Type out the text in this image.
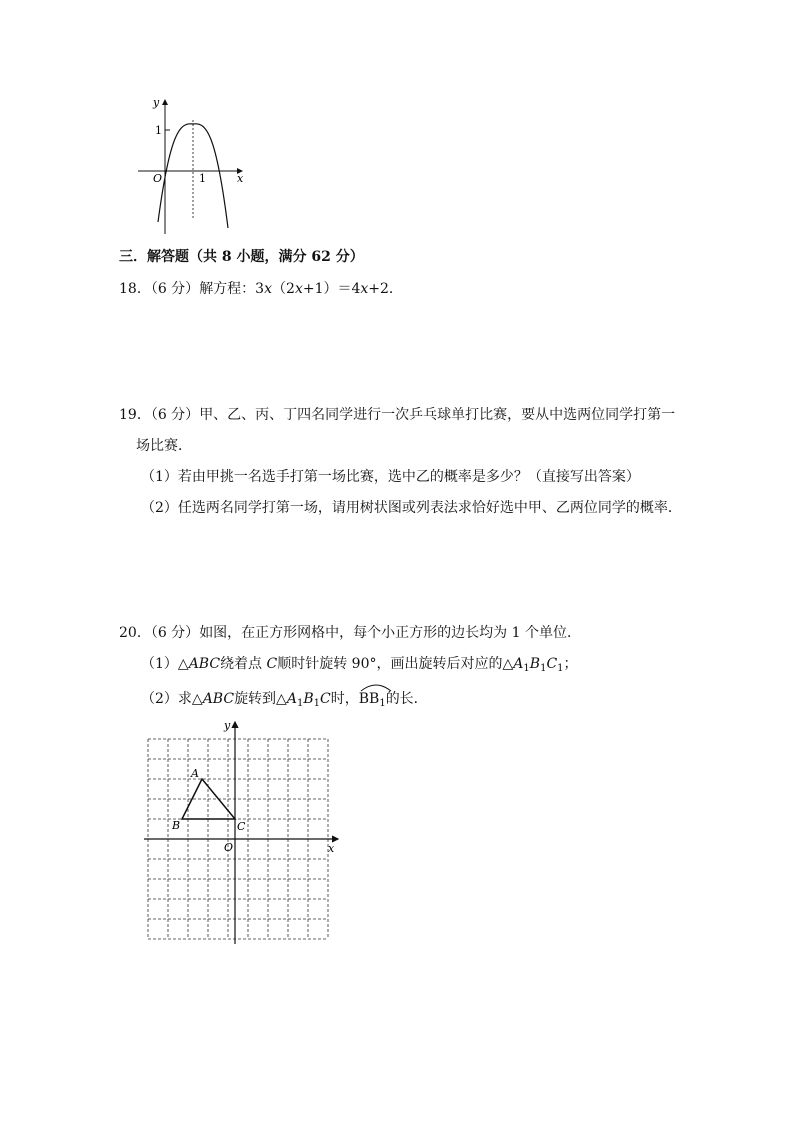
y
x
O
1
1
三．解答题（共 8 小题，满分 62 分）
18．（6 分）解方程：3x（2x+1）＝4x+2．
19．（6 分）甲、乙、丙、丁四名同学进行一次乒乓球单打比赛，要从中选两位同学打第一
场比赛．
（1）若由甲挑一名选手打第一场比赛，选中乙的概率是多少？（直接写出答案）
（2）任选两名同学打第一场，请用树状图或列表法求恰好选中甲、乙两位同学的概率．
20．（6 分）如图，在正方形网格中，每个小正方形的边长均为 1 个单位．
（1）△ABC绕着点 C顺时针旋转 90°，画出旋转后对应的$\triangle A_1B_1C_1$；
（2）求△ABC旋转到$\triangle A_1B_1C$时，
$BB_1$的长．
y
x
O
A
B	C
